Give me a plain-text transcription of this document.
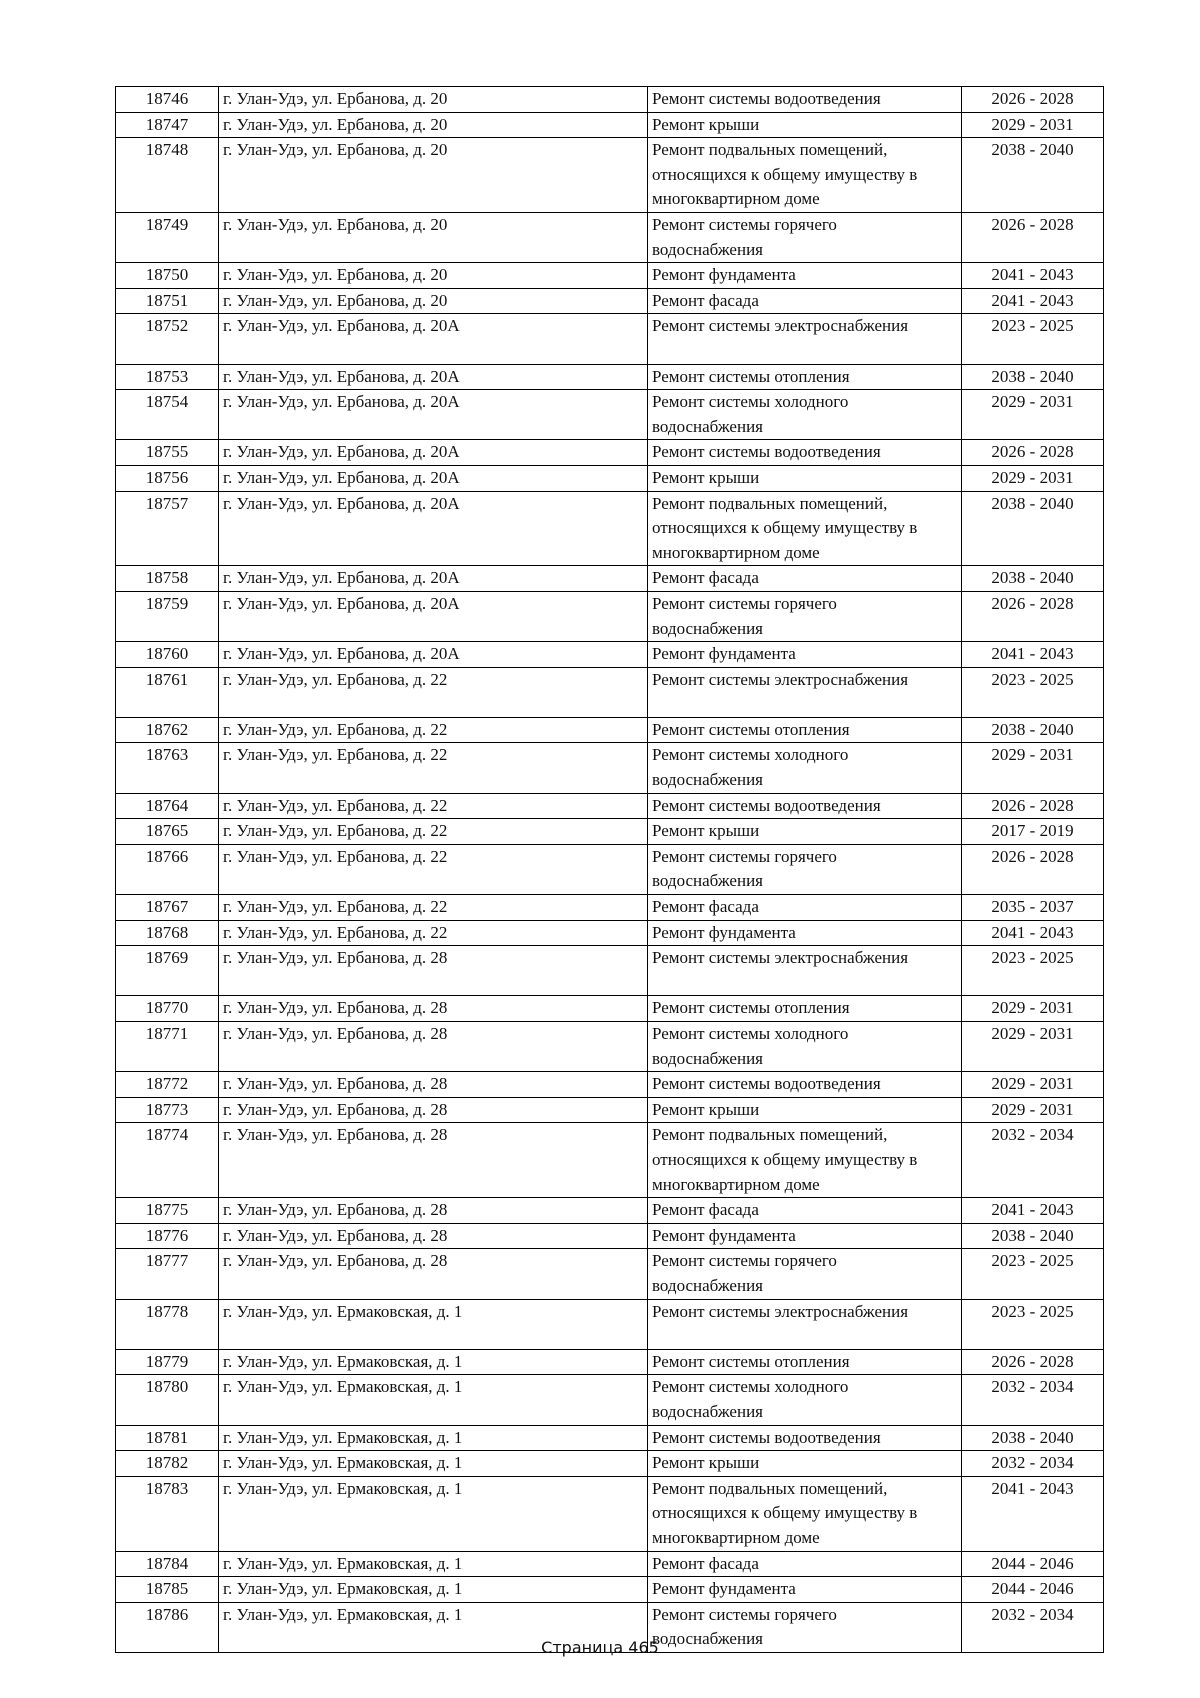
18746	г. Улан-Удэ, ул. Ербанова, д. 20	Ремонт системы водоотведения	2026 - 2028
18747	г. Улан-Удэ, ул. Ербанова, д. 20	Ремонт крыши	2029 - 2031
18748	г. Улан-Удэ, ул. Ербанова, д. 20	Ремонт подвальных помещений,
относящихся к общему имуществу в
многоквартирном доме	2038 - 2040
18749	г. Улан-Удэ, ул. Ербанова, д. 20	Ремонт системы горячего
водоснабжения	2026 - 2028
18750	г. Улан-Удэ, ул. Ербанова, д. 20	Ремонт фундамента	2041 - 2043
18751	г. Улан-Удэ, ул. Ербанова, д. 20	Ремонт фасада	2041 - 2043
18752	г. Улан-Удэ, ул. Ербанова, д. 20А	Ремонт системы электроснабжения	2023 - 2025
18753	г. Улан-Удэ, ул. Ербанова, д. 20А	Ремонт системы отопления	2038 - 2040
18754	г. Улан-Удэ, ул. Ербанова, д. 20А	Ремонт системы холодного
водоснабжения	2029 - 2031
18755	г. Улан-Удэ, ул. Ербанова, д. 20А	Ремонт системы водоотведения	2026 - 2028
18756	г. Улан-Удэ, ул. Ербанова, д. 20А	Ремонт крыши	2029 - 2031
18757	г. Улан-Удэ, ул. Ербанова, д. 20А	Ремонт подвальных помещений,
относящихся к общему имуществу в
многоквартирном доме	2038 - 2040
18758	г. Улан-Удэ, ул. Ербанова, д. 20А	Ремонт фасада	2038 - 2040
18759	г. Улан-Удэ, ул. Ербанова, д. 20А	Ремонт системы горячего
водоснабжения	2026 - 2028
18760	г. Улан-Удэ, ул. Ербанова, д. 20А	Ремонт фундамента	2041 - 2043
18761	г. Улан-Удэ, ул. Ербанова, д. 22	Ремонт системы электроснабжения	2023 - 2025
18762	г. Улан-Удэ, ул. Ербанова, д. 22	Ремонт системы отопления	2038 - 2040
18763	г. Улан-Удэ, ул. Ербанова, д. 22	Ремонт системы холодного
водоснабжения	2029 - 2031
18764	г. Улан-Удэ, ул. Ербанова, д. 22	Ремонт системы водоотведения	2026 - 2028
18765	г. Улан-Удэ, ул. Ербанова, д. 22	Ремонт крыши	2017 - 2019
18766	г. Улан-Удэ, ул. Ербанова, д. 22	Ремонт системы горячего
водоснабжения	2026 - 2028
18767	г. Улан-Удэ, ул. Ербанова, д. 22	Ремонт фасада	2035 - 2037
18768	г. Улан-Удэ, ул. Ербанова, д. 22	Ремонт фундамента	2041 - 2043
18769	г. Улан-Удэ, ул. Ербанова, д. 28	Ремонт системы электроснабжения	2023 - 2025
18770	г. Улан-Удэ, ул. Ербанова, д. 28	Ремонт системы отопления	2029 - 2031
18771	г. Улан-Удэ, ул. Ербанова, д. 28	Ремонт системы холодного
водоснабжения	2029 - 2031
18772	г. Улан-Удэ, ул. Ербанова, д. 28	Ремонт системы водоотведения	2029 - 2031
18773	г. Улан-Удэ, ул. Ербанова, д. 28	Ремонт крыши	2029 - 2031
18774	г. Улан-Удэ, ул. Ербанова, д. 28	Ремонт подвальных помещений,
относящихся к общему имуществу в
многоквартирном доме	2032 - 2034
18775	г. Улан-Удэ, ул. Ербанова, д. 28	Ремонт фасада	2041 - 2043
18776	г. Улан-Удэ, ул. Ербанова, д. 28	Ремонт фундамента	2038 - 2040
18777	г. Улан-Удэ, ул. Ербанова, д. 28	Ремонт системы горячего
водоснабжения	2023 - 2025
18778	г. Улан-Удэ, ул. Ермаковская, д. 1	Ремонт системы электроснабжения	2023 - 2025
18779	г. Улан-Удэ, ул. Ермаковская, д. 1	Ремонт системы отопления	2026 - 2028
18780	г. Улан-Удэ, ул. Ермаковская, д. 1	Ремонт системы холодного
водоснабжения	2032 - 2034
18781	г. Улан-Удэ, ул. Ермаковская, д. 1	Ремонт системы водоотведения	2038 - 2040
18782	г. Улан-Удэ, ул. Ермаковская, д. 1	Ремонт крыши	2032 - 2034
18783	г. Улан-Удэ, ул. Ермаковская, д. 1	Ремонт подвальных помещений,
относящихся к общему имуществу в
многоквартирном доме	2041 - 2043
18784	г. Улан-Удэ, ул. Ермаковская, д. 1	Ремонт фасада	2044 - 2046
18785	г. Улан-Удэ, ул. Ермаковская, д. 1	Ремонт фундамента	2044 - 2046
18786	г. Улан-Удэ, ул. Ермаковская, д. 1	Ремонт системы горячего
водоснабжения	2032 - 2034
Страница 465
